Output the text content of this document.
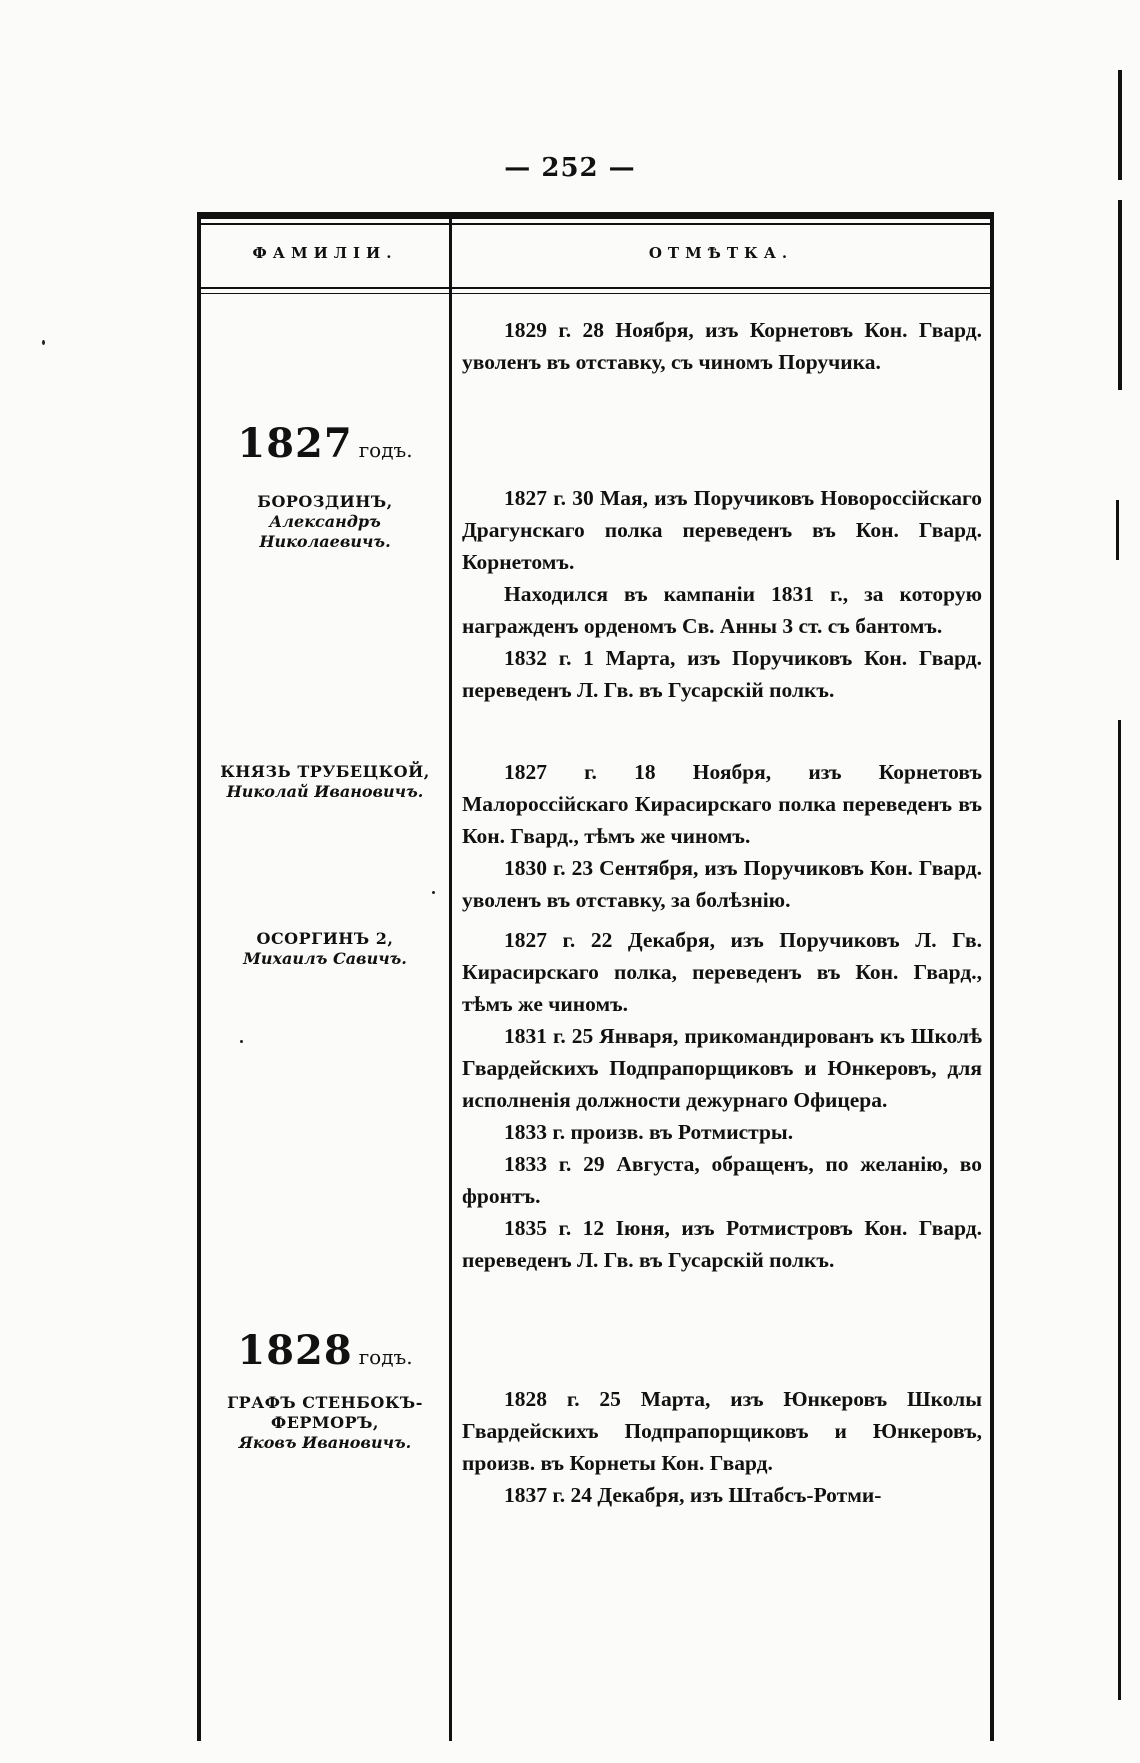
— 252 —
ФАМИЛІИ.	ОТМѢТКА.
1827 годъ.
БОРОЗДИНЪ,
Александръ Николаевичъ.
КНЯЗЬ ТРУБЕЦКОЙ,
Николай Ивановичъ.
ОСОРГИНЪ 2,
Михаилъ Савичъ.
1828 годъ.
ГРАФЪ СТЕНБОКЪ-
ФЕРМОРЪ,
Яковъ Ивановичъ.

1829 г. 28 Ноября, изъ Корнетовъ Кон. Гвард. уволенъ въ отставку, съ чиномъ Поручика.

1827 г. 30 Мая, изъ Поручиковъ Новороссійскаго Драгунскаго полка переведенъ въ Кон. Гвард. Корнетомъ.

Находился въ кампаніи 1831 г., за которую награжденъ орденомъ Св. Анны 3 ст. съ бантомъ.

1832 г. 1 Марта, изъ Поручиковъ Кон. Гвард. переведенъ Л. Гв. въ Гусарскій полкъ.

1827 г. 18 Ноября, изъ Корнетовъ Малороссійскаго Кирасирскаго полка переведенъ въ Кон. Гвард., тѣмъ же чиномъ.

1830 г. 23 Сентября, изъ Поручиковъ Кон. Гвард. уволенъ въ отставку, за болѣзнію.

1827 г. 22 Декабря, изъ Поручиковъ Л. Гв. Кирасирскаго полка, переведенъ въ Кон. Гвард., тѣмъ же чиномъ.

1831 г. 25 Января, прикомандированъ къ Школѣ Гвардейскихъ Подпрапорщиковъ и Юнкеровъ, для исполненія должности дежурнаго Офицера.

1833 г. произв. въ Ротмистры.

1833 г. 29 Августа, обращенъ, по желанію, во фронтъ.

1835 г. 12 Іюня, изъ Ротмистровъ Кон. Гвард. переведенъ Л. Гв. въ Гусарскій полкъ.

1828 г. 25 Марта, изъ Юнкеровъ Школы Гвардейскихъ Подпрапорщиковъ и Юнкеровъ, произв. въ Корнеты Кон. Гвард.

1837 г. 24 Декабря, изъ Штабсъ-Ротми-
